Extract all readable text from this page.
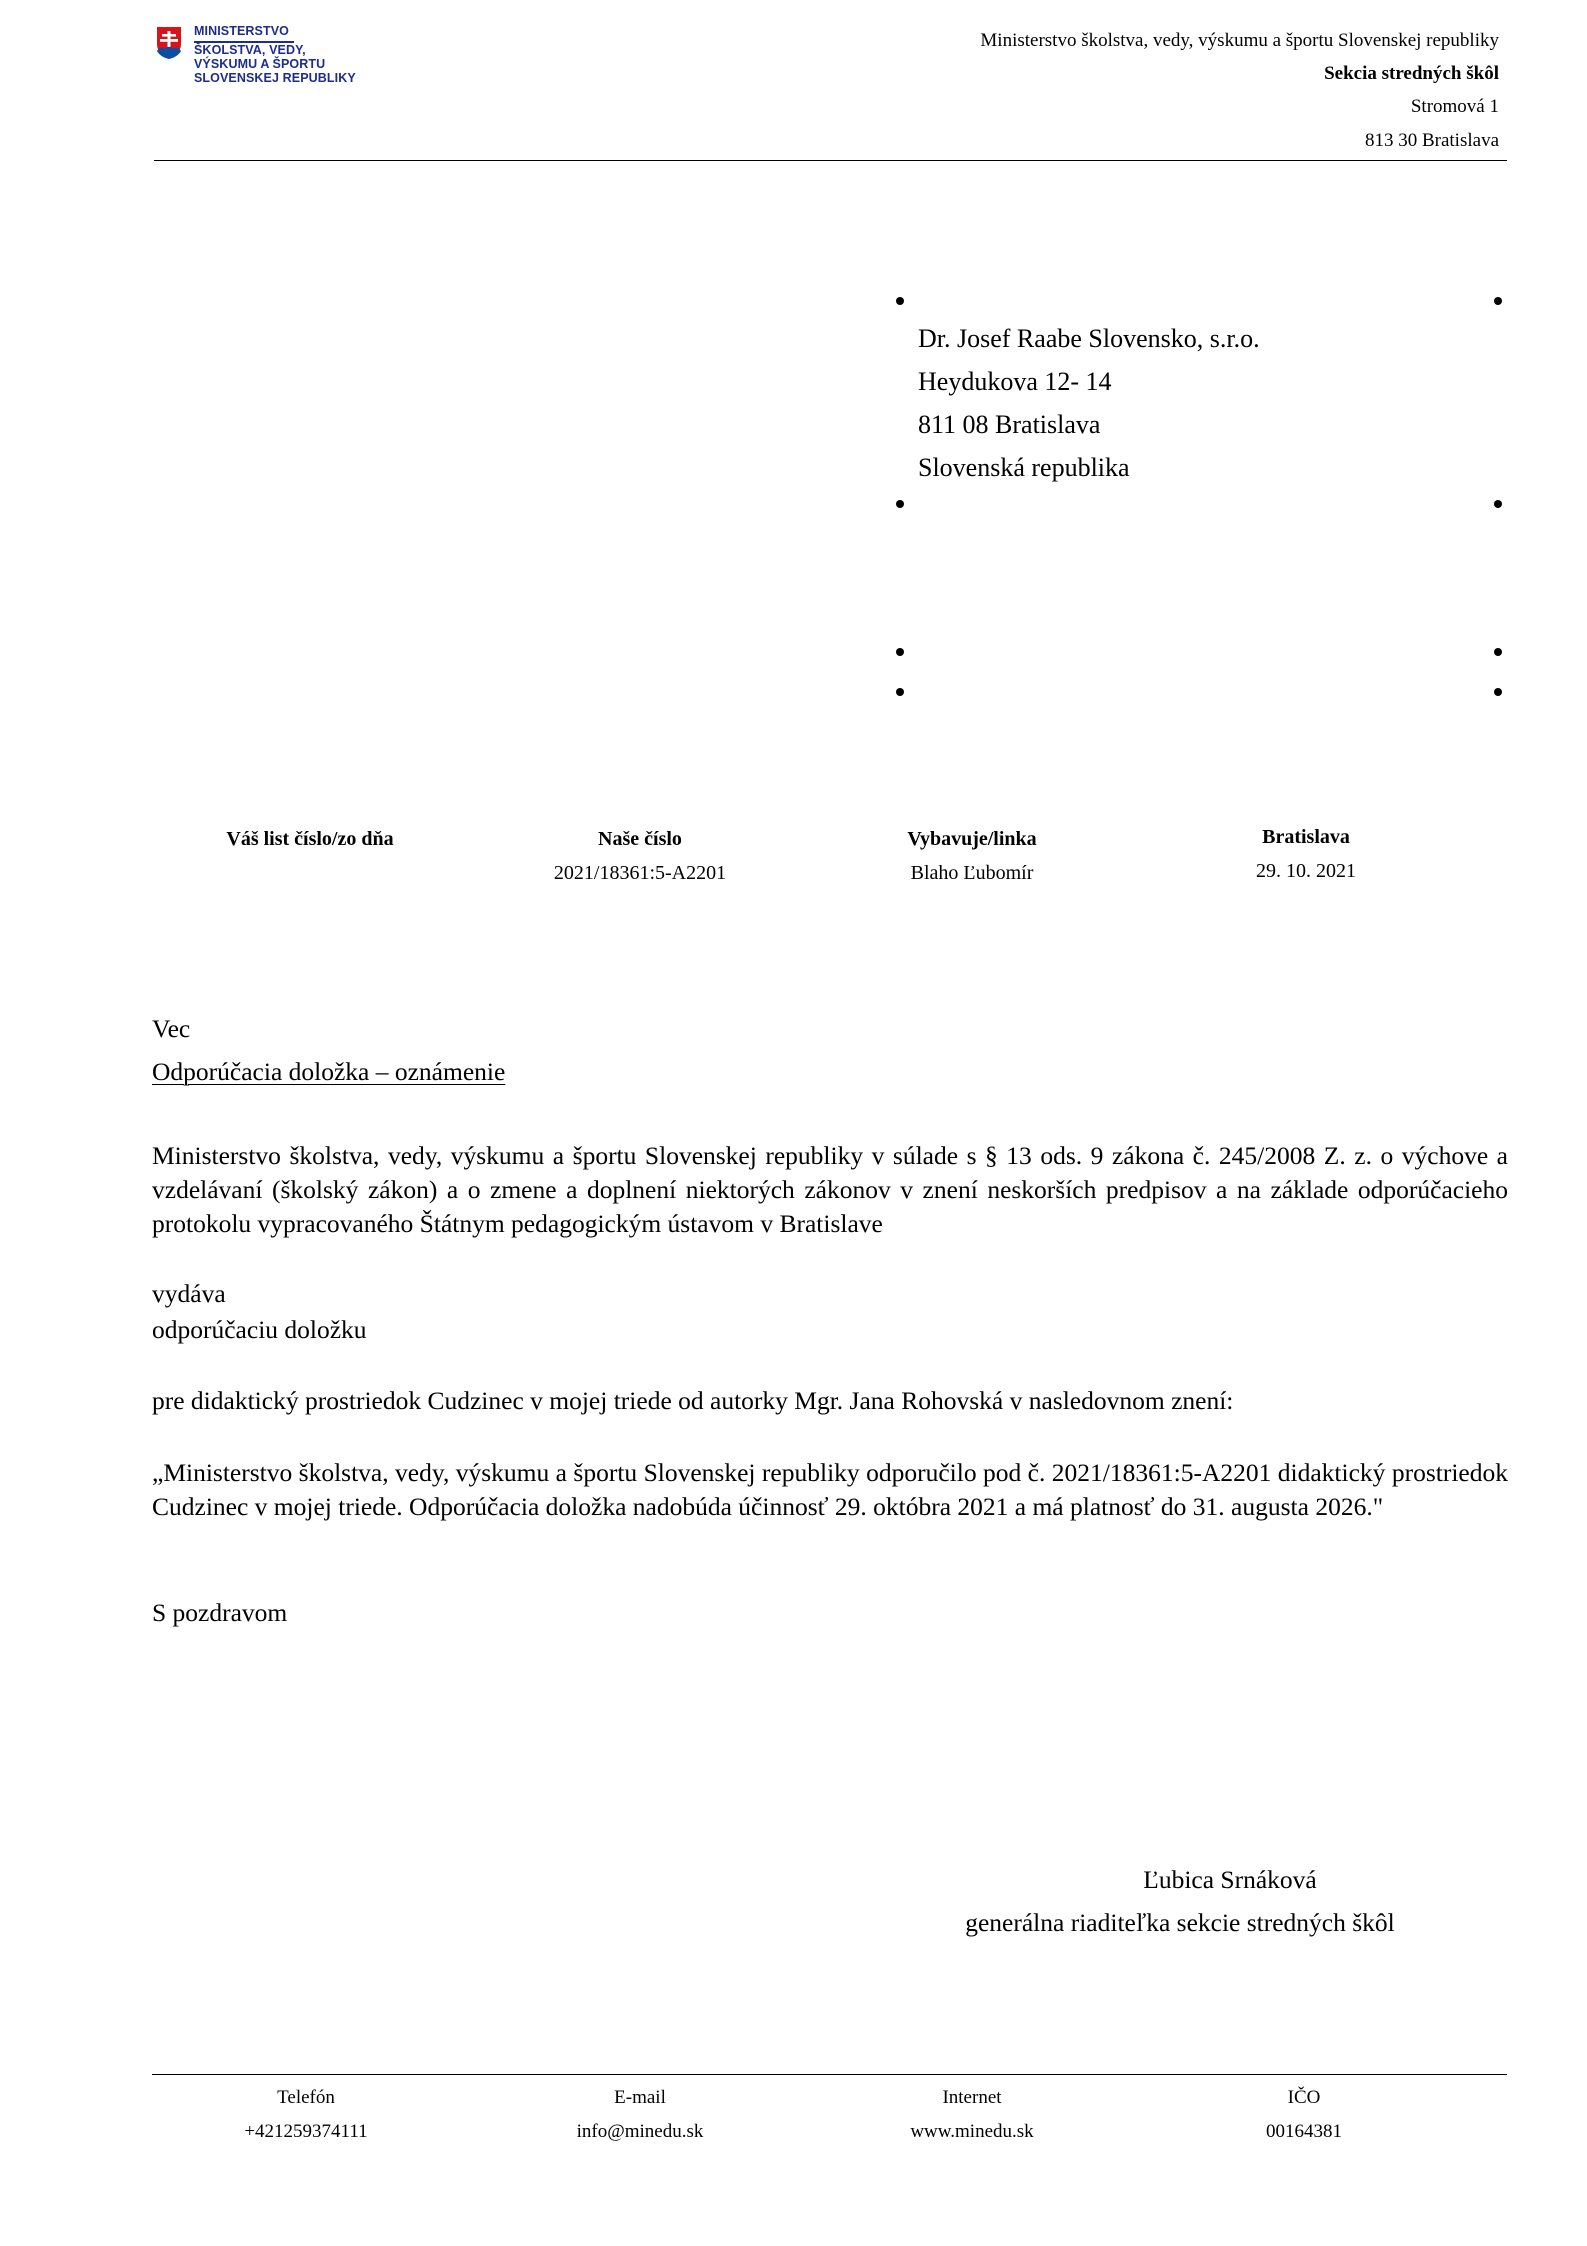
MINISTERSTVO
ŠKOLSTVA, VEDY,
VÝSKUMU A ŠPORTU
SLOVENSKEJ REPUBLIKY
Ministerstvo školstva, vedy, výskumu a športu Slovenskej republiky
Sekcia stredných škôl
Stromová 1
813 30 Bratislava
Dr. Josef Raabe Slovensko, s.r.o.
Heydukova 12- 14
811 08 Bratislava
Slovenská republika
Váš list číslo/zo dňa	Naše číslo
2021/18361:5-A2201
Vybavuje/linka
Blaho Ľubomír
Bratislava
29. 10. 2021
Vec
Odporúčacia doložka – oznámenie
Ministerstvo školstva, vedy, výskumu a športu Slovenskej republiky v súlade s § 13 ods. 9 zákona č. 245/2008 Z. z. o výchove a vzdelávaní (školský zákon) a o zmene a doplnení niektorých zákonov v znení neskorších predpisov a na základe odporúčacieho protokolu vypracovaného Štátnym pedagogickým ústavom v Bratislave
vydáva
odporúčaciu doložku
pre didaktický prostriedok Cudzinec v mojej triede od autorky Mgr. Jana Rohovská v nasledovnom znení:
„Ministerstvo školstva, vedy, výskumu a športu Slovenskej republiky odporučilo pod č. 2021/18361:5-A2201 didaktický prostriedok Cudzinec v mojej triede. Odporúčacia doložka nadobúda účinnosť 29. októbra 2021 a má platnosť do 31. augusta 2026."
S pozdravom
Ľubica Srnáková
generálna riaditeľka sekcie stredných škôl
Telefón
+421259374111
E-mail
info@minedu.sk
Internet
www.minedu.sk
IČO
00164381
